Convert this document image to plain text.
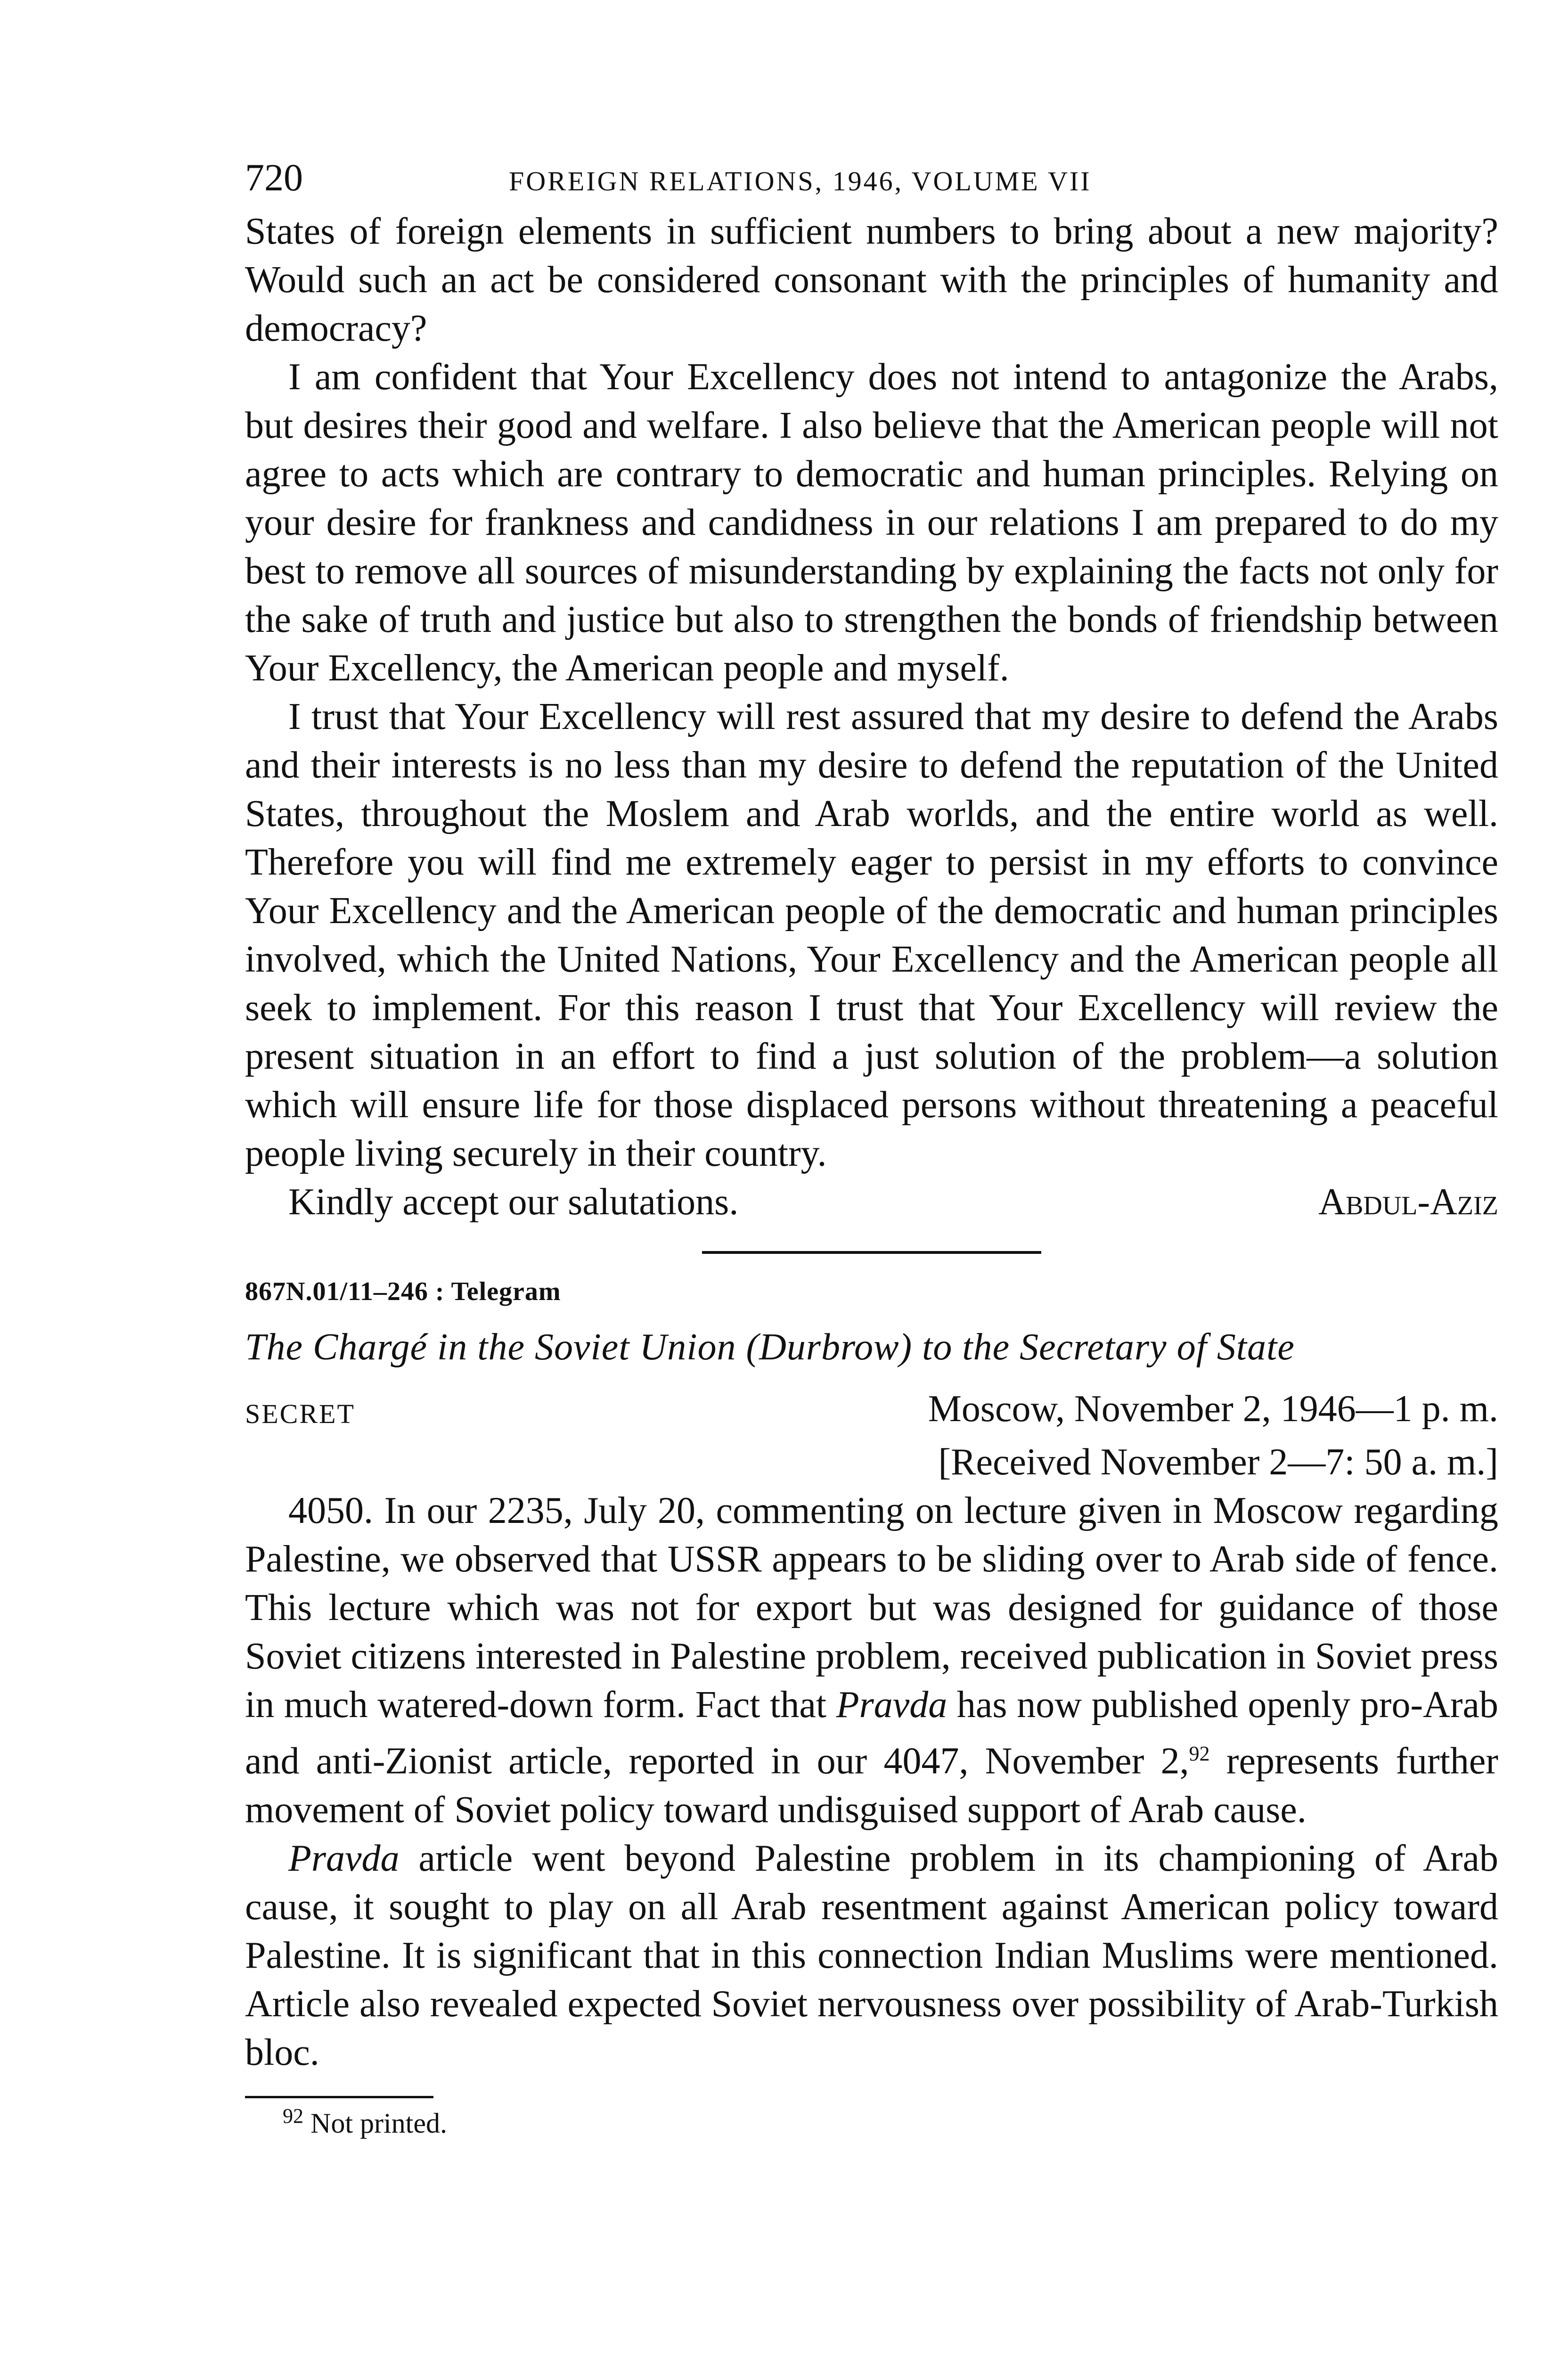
720	FOREIGN RELATIONS, 1946, VOLUME VII

States of foreign elements in sufficient numbers to bring about a new majority? Would such an act be considered consonant with the principles of humanity and democracy?

I am confident that Your Excellency does not intend to antagonize the Arabs, but desires their good and welfare. I also believe that the American people will not agree to acts which are contrary to democratic and human principles. Relying on your desire for frankness and candidness in our relations I am prepared to do my best to remove all sources of misunderstanding by explaining the facts not only for the sake of truth and justice but also to strengthen the bonds of friendship between Your Excellency, the American people and myself.

I trust that Your Excellency will rest assured that my desire to defend the Arabs and their interests is no less than my desire to defend the reputation of the United States, throughout the Moslem and Arab worlds, and the entire world as well. Therefore you will find me extremely eager to persist in my efforts to convince Your Excellency and the American people of the democratic and human principles involved, which the United Nations, Your Excellency and the American people all seek to implement. For this reason I trust that Your Excellency will review the present situation in an effort to find a just solution of the problem—a solution which will ensure life for those displaced persons without threatening a peaceful people living securely in their country.

Kindly accept our salutations.	Abdul-Aziz
867N.01/11–246 : Telegram
The Chargé in the Soviet Union (Durbrow) to the Secretary of State
SECRET	Moscow, November 2, 1946—1 p. m.
[Received November 2—7: 50 a. m.]

4050. In our 2235, July 20, commenting on lecture given in Moscow regarding Palestine, we observed that USSR appears to be sliding over to Arab side of fence. This lecture which was not for export but was designed for guidance of those Soviet citizens interested in Palestine problem, received publication in Soviet press in much watered-down form. Fact that Pravda has now published openly pro-Arab and anti-Zionist article, reported in our 4047, November 2,92 represents further movement of Soviet policy toward undisguised support of Arab cause.

Pravda article went beyond Palestine problem in its championing of Arab cause, it sought to play on all Arab resentment against American policy toward Palestine. It is significant that in this connection Indian Muslims were mentioned. Article also revealed expected Soviet nervousness over possibility of Arab-Turkish bloc.

$^{92}$ Not printed.
